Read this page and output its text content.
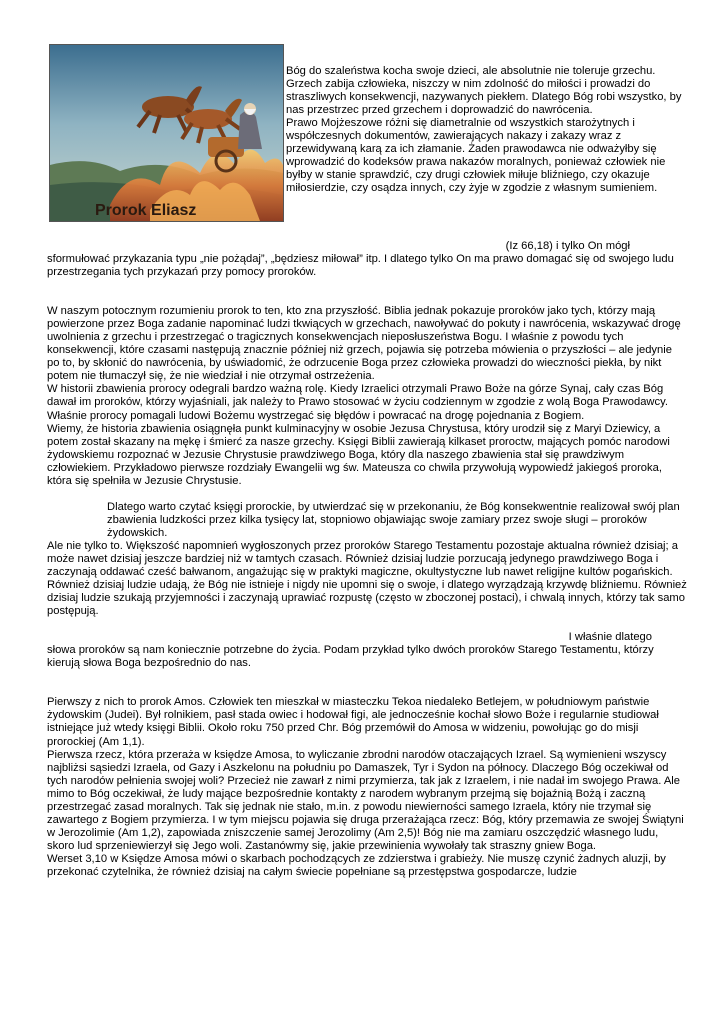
Prorok Eliasz

Bóg do szaleństwa kocha swoje dzieci, ale absolutnie nie toleruje grzechu. Grzech zabija człowieka, niszczy w nim zdolność do miłości i prowadzi do straszliwych konsekwencji, nazywanych piekłem. Dlatego Bóg robi wszystko, by nas przestrzec przed grzechem i doprowadzić do nawrócenia.

Prawo Mojżeszowe różni się diametralnie od wszystkich starożytnych i współczesnych dokumentów, zawierających nakazy i zakazy wraz z przewidywaną karą za ich złamanie. Żaden prawodawca nie odważyłby się wprowadzić do kodeksów prawa nakazów moralnych, ponieważ człowiek nie byłby w stanie sprawdzić, czy drugi człowiek miłuje bliźniego, czy okazuje miłosierdzie, czy osądza innych, czy żyje w zgodzie z własnym sumieniem.

(Iz 66,18) i tylko On mógł

sformułować przykazania typu „nie pożądaj”, „będziesz miłował” itp. I dlatego tylko On ma prawo domagać się od swojego ludu przestrzegania tych przykazań przy pomocy proroków.

W naszym potocznym rozumieniu prorok to ten, kto zna przyszłość. Biblia jednak pokazuje proroków jako tych, którzy mają powierzone przez Boga zadanie napominać ludzi tkwiących w grzechach, nawoływać do pokuty i nawrócenia, wskazywać drogę uwolnienia z grzechu i przestrzegać o tragicznych konsekwencjach nieposłuszeństwa Bogu. I właśnie z powodu tych konsekwencji, które czasami następują znacznie później niż grzech, pojawia się potrzeba mówienia o przyszłości – ale jedynie po to, by skłonić do nawrócenia, by uświadomić, że odrzucenie Boga przez człowieka prowadzi do wieczności piekła, by nikt potem nie tłumaczył się, że nie wiedział i nie otrzymał ostrzeżenia.

W historii zbawienia prorocy odegrali bardzo ważną rolę. Kiedy Izraelici otrzymali Prawo Boże na górze Synaj, cały czas Bóg dawał im proroków, którzy wyjaśniali, jak należy to Prawo stosować w życiu codziennym w zgodzie z wolą Boga Prawodawcy. Właśnie prorocy pomagali ludowi Bożemu wystrzegać się błędów i powracać na drogę pojednania z Bogiem.

Wiemy, że historia zbawienia osiągnęła punkt kulminacyjny w osobie Jezusa Chrystusa, który urodził się z Maryi Dziewicy, a potem został skazany na mękę i śmierć za nasze grzechy. Księgi Biblii zawierają kilkaset proroctw, mających pomóc narodowi żydowskiemu rozpoznać w Jezusie Chrystusie prawdziwego Boga, który dla naszego zbawienia stał się prawdziwym człowiekiem. Przykładowo pierwsze rozdziały Ewangelii wg św. Mateusza co chwila przywołują wypowiedź jakiegoś proroka, która się spełniła w Jezusie Chrystusie.

Dlatego warto czytać księgi prorockie, by utwierdzać się w przekonaniu, że Bóg konsekwentnie realizował swój plan zbawienia ludzkości przez kilka tysięcy lat, stopniowo objawiając swoje zamiary przez swoje sługi – proroków żydowskich.

Ale nie tylko to. Większość napomnień wygłoszonych przez proroków Starego Testamentu pozostaje aktualna również dzisiaj; a może nawet dzisiaj jeszcze bardziej niż w tamtych czasach. Również dzisiaj ludzie porzucają jedynego prawdziwego Boga i zaczynają oddawać cześć bałwanom, angażując się w praktyki magiczne, okultystyczne lub nawet religijne kultów pogańskich. Również dzisiaj ludzie udają, że Bóg nie istnieje i nigdy nie upomni się o swoje, i dlatego wyrządzają krzywdę bliźniemu. Również dzisiaj ludzie szukają przyjemności i zaczynają uprawiać rozpustę (często w zboczonej postaci), i chwalą innych, którzy tak samo postępują.

I właśnie dlatego

słowa proroków są nam koniecznie potrzebne do życia. Podam przykład tylko dwóch proroków Starego Testamentu, którzy kierują słowa Boga bezpośrednio do nas.

Pierwszy z nich to prorok Amos. Człowiek ten mieszkał w miasteczku Tekoa niedaleko Betlejem, w południowym państwie żydowskim (Judei). Był rolnikiem, pasł stada owiec i hodował figi, ale jednocześnie kochał słowo Boże i regularnie studiował istniejące już wtedy księgi Biblii. Około roku 750 przed Chr. Bóg przemówił do Amosa w widzeniu, powołując go do misji prorockiej (Am 1,1).

Pierwsza rzecz, która przeraża w księdze Amosa, to wyliczanie zbrodni narodów otaczających Izrael. Są wymienieni wszyscy najbliżsi sąsiedzi Izraela, od Gazy i Aszkelonu na południu po Damaszek, Tyr i Sydon na północy. Dlaczego Bóg oczekiwał od tych narodów pełnienia swojej woli? Przecież nie zawarł z nimi przymierza, tak jak z Izraelem, i nie nadał im swojego Prawa. Ale mimo to Bóg oczekiwał, że ludy mające bezpośrednie kontakty z narodem wybranym przejmą się bojaźnią Bożą i zaczną przestrzegać zasad moralnych. Tak się jednak nie stało, m.in. z powodu niewierności samego Izraela, który nie trzymał się zawartego z Bogiem przymierza. I w tym miejscu pojawia się druga przerażająca rzecz: Bóg, który przemawia ze swojej Świątyni w Jerozolimie (Am 1,2), zapowiada zniszczenie samej Jerozolimy (Am 2,5)! Bóg nie ma zamiaru oszczędzić własnego ludu, skoro lud sprzeniewierzył się Jego woli. Zastanówmy się, jakie przewinienia wywołały tak straszny gniew Boga.

Werset 3,10 w Księdze Amosa mówi o skarbach pochodzących ze zdzierstwa i grabieży. Nie muszę czynić żadnych aluzji, by przekonać czytelnika, że również dzisiaj na całym świecie popełniane są przestępstwa gospodarcze, ludzie
